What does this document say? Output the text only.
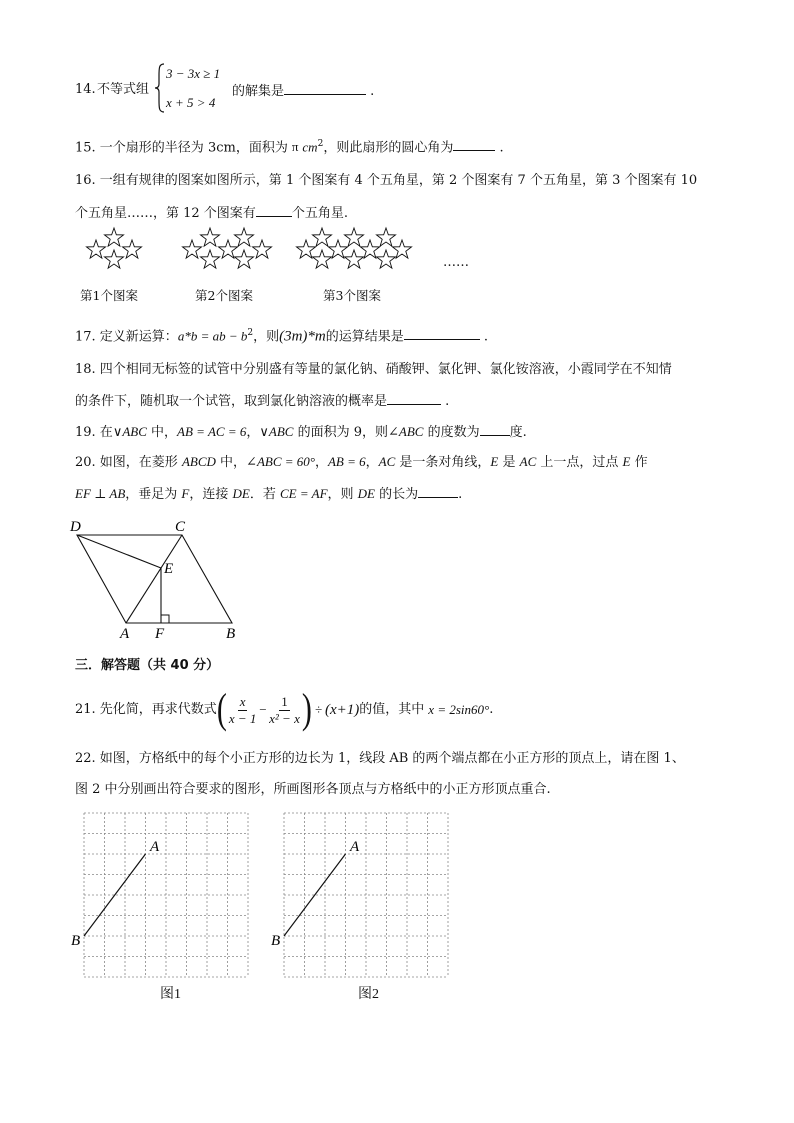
14. 不等式组
3 − 3x ≥ 1
x + 5 > 4
的解集是	.
15. 一个扇形的半径为 3cm，面积为 π $cm^2$，则此扇形的圆心角为	.
16. 一组有规律的图案如图所示，第 1 个图案有 4 个五角星，第 2 个图案有 7 个五角星，第 3 个图案有 10
个五角星……，第 12 个图案有	个五角星.
……
第1个图案	第2个图案	第3个图案
17. 定义新运算：a*b = ab − $b^2$，则(3m)*m的运算结果是	.
18. 四个相同无标签的试管中分别盛有等量的氯化钠、硝酸钾、氯化钾、氯化铵溶液，小霞同学在不知情
的条件下，随机取一个试管，取到氯化钠溶液的概率是	.
19. 在∨ABC 中，AB = AC = 6，∨ABC 的面积为 9，则∠ABC 的度数为 度.
20. 如图，在菱形 ABCD 中，∠ABC = 60°，AB = 6，AC 是一条对角线，E 是 AC 上一点，过点 E 作
EF ⊥ AB，垂足为 F，连接 DE．若 CE = AF，则 DE 的长为	.
D	C
E
A F	B
三．解答题（共 40 分）
21. 先化简，再求代数式 ( $\frac{x}{x - 1} - \frac{1}{\text{x² − x}}$ ) ÷ (x+1) 的值，其中 x = 2sin60° .
22. 如图，方格纸中的每个小正方形的边长为 1，线段 AB 的两个端点都在小正方形的顶点上，请在图 1、
图 2 中分别画出符合要求的图形，所画图形各顶点与方格纸中的小正方形顶点重合.
A
B
图1
A
B
图2
